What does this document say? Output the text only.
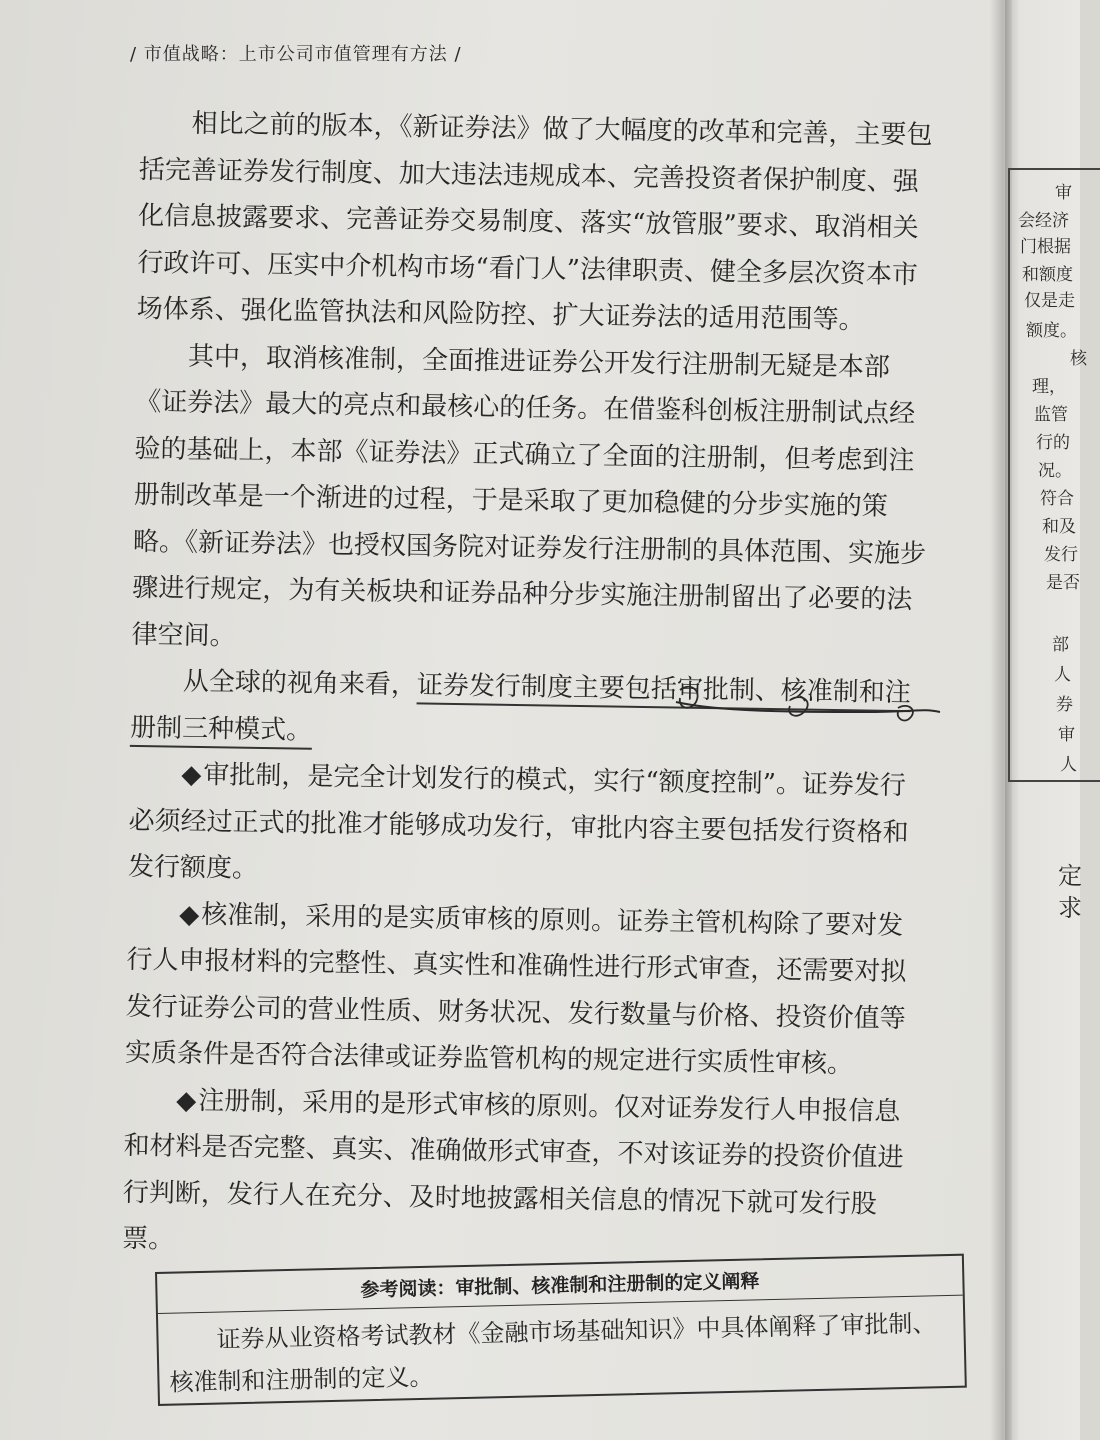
/ 市值战略：上市公司市值管理有方法 /

相比之前的版本，《新证券法》做了大幅度的改革和完善，主要包括完善证券发行制度、加大违法违规成本、完善投资者保护制度、强化信息披露要求、完善证券交易制度、落实“放管服”要求、取消相关行政许可、压实中介机构市场“看门人”法律职责、健全多层次资本市场体系、强化监管执法和风险防控、扩大证券法的适用范围等。

其中，取消核准制，全面推进证券公开发行注册制无疑是本部《证券法》最大的亮点和最核心的任务。在借鉴科创板注册制试点经验的基础上，本部《证券法》正式确立了全面的注册制，但考虑到注册制改革是一个渐进的过程，于是采取了更加稳健的分步实施的策略。《新证券法》也授权国务院对证券发行注册制的具体范围、实施步骤进行规定，为有关板块和证券品种分步实施注册制留出了必要的法律空间。

从全球的视角来看，证券发行制度主要包括审批制、核准制和注册制三种模式。

◆审批制，是完全计划发行的模式，实行“额度控制”。证券发行必须经过正式的批准才能够成功发行，审批内容主要包括发行资格和发行额度。

◆核准制，采用的是实质审核的原则。证券主管机构除了要对发行人申报材料的完整性、真实性和准确性进行形式审查，还需要对拟发行证券公司的营业性质、财务状况、发行数量与价格、投资价值等实质条件是否符合法律或证券监管机构的规定进行实质性审核。

◆注册制，采用的是形式审核的原则。仅对证券发行人申报信息和材料是否完整、真实、准确做形式审查，不对该证券的投资价值进行判断，发行人在充分、及时地披露相关信息的情况下就可发行股票。

参考阅读：审批制、核准制和注册制的定义阐释
证券从业资格考试教材《金融市场基础知识》中具体阐释了审批制、核准制和注册制的定义。
审
会经济
门根据
和额度
仅是走
额度。
核
理，
监管
行的
况。
符合
和及
发行
是否
部
人
券
审
人
定
求
